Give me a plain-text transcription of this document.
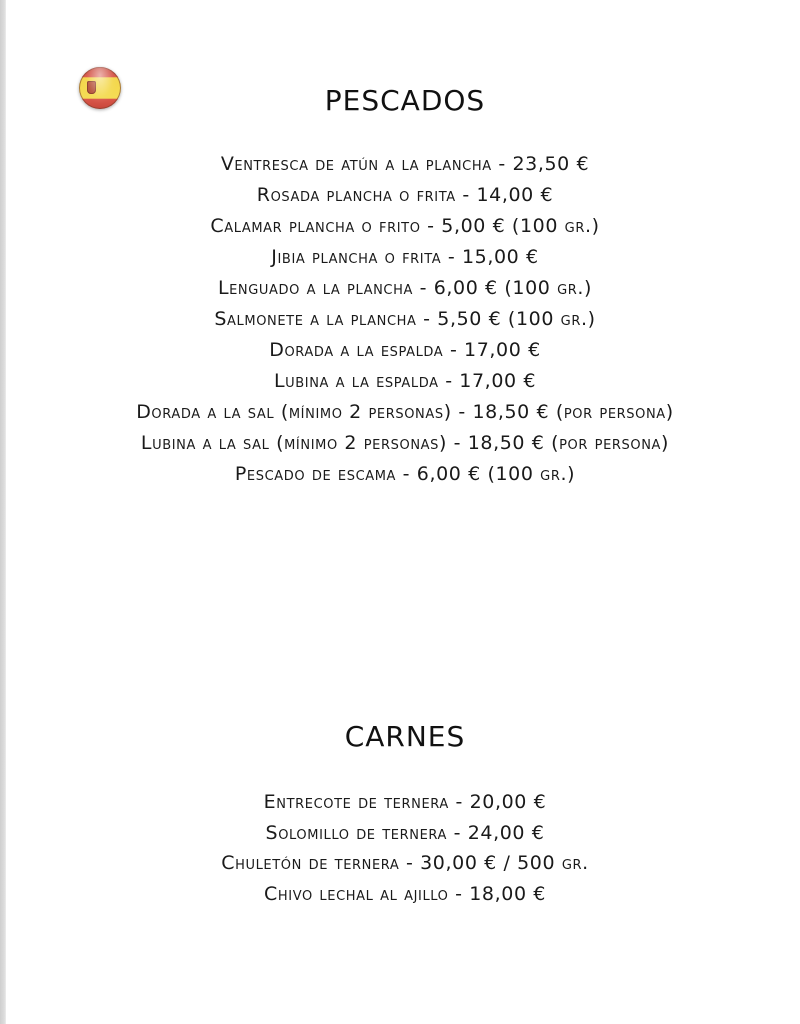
PESCADOS
Ventresca de atún a la plancha - 23,50 €
Rosada plancha o frita - 14,00 €
Calamar plancha o frito - 5,00 € (100 gr.)
Jibia plancha o frita - 15,00 €
Lenguado a la plancha - 6,00 € (100 gr.)
Salmonete a la plancha - 5,50 € (100 gr.)
Dorada a la espalda - 17,00 €
Lubina a la espalda - 17,00 €
Dorada a la sal (mínimo 2 personas) - 18,50 € (por persona)
Lubina a la sal (mínimo 2 personas) - 18,50 € (por persona)
Pescado de escama - 6,00 € (100 gr.)
CARNES
Entrecote de ternera - 20,00 €
Solomillo de ternera - 24,00 €
Chuletón de ternera - 30,00 € / 500 gr.
Chivo lechal al ajillo - 18,00 €
